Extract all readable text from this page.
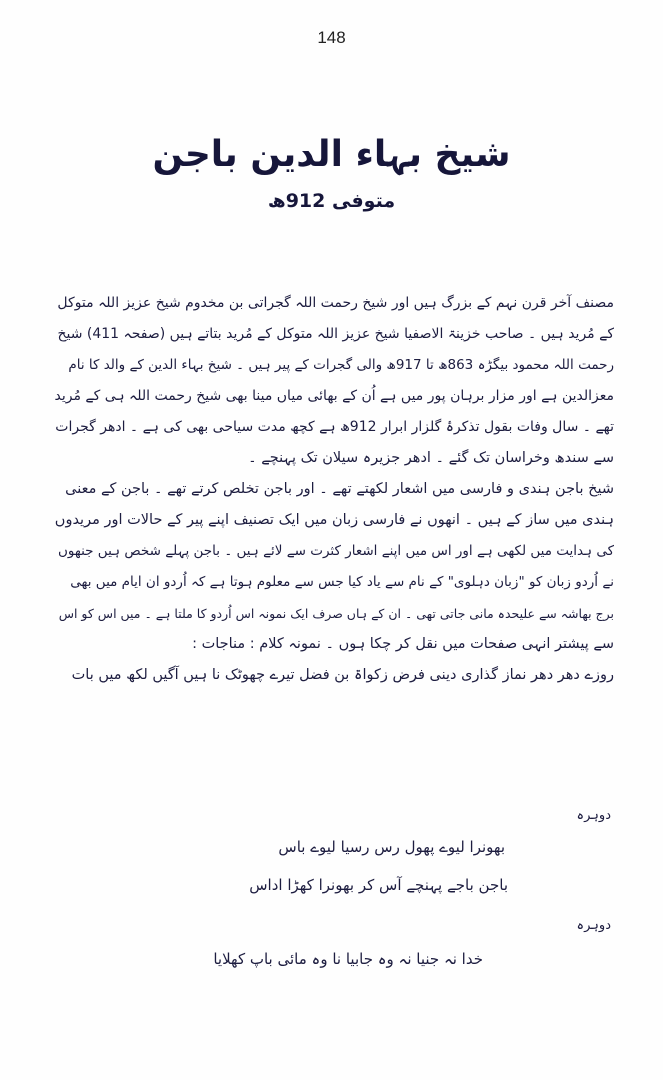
148
شیخ بہاء الدین باجن
متوفی 912ھ
مصنف آخر قرن نہم کے بزرگ ہیں اور شیخ رحمت اللہ گجراتی بن مخدوم شیخ عزیز اللہ متوکل
کے مُرید ہیں ۔ صاحب خزینۃ الاصفیا شیخ عزیز اللہ متوکل کے مُرید بتاتے ہیں (صفحہ 411) شیخ
رحمت اللہ محمود بیگڑہ 863ھ تا 917ھ والی گجرات کے پیر ہیں ۔ شیخ بہاء الدین کے والد کا نام
معزالدین ہے اور مزار برہان پور میں ہے اُن کے بھائی میاں مینا بھی شیخ رحمت اللہ ہی کے مُرید
تھے ۔ سال وفات بقول تذکرۂ گلزار ابرار 912ھ ہے کچھ مدت سیاحی بھی کی ہے ۔ ادھر گجرات
سے سندھ وخراسان تک گئے ۔ ادھر جزیرہ سیلان تک پہنچے ۔
شیخ باجن ہندی و فارسی میں اشعار لکھتے تھے ۔ اور باجن تخلص کرتے تھے ۔ باجن کے معنی
ہندی میں ساز کے ہیں ۔ انھوں نے فارسی زبان میں ایک تصنیف اپنے پیر کے حالات اور مریدوں
کی ہدایت میں لکھی ہے اور اس میں اپنے اشعار کثرت سے لائے ہیں ۔ باجن پہلے شخص ہیں جنھوں
نے اُردو زبان کو "زبان دہلوی" کے نام سے یاد کیا جس سے معلوم ہوتا ہے کہ اُردو ان ایام میں بھی
برج بھاشہ سے علیحدہ مانی جاتی تھی ۔ ان کے ہاں صرف ایک نمونہ اس اُردو کا ملتا ہے ۔ میں اس کو اس
سے پیشتر انہی صفحات میں نقل کر چکا ہوں ۔ نمونہ کلام : مناجات :
روزے دھر دھر نماز گذاری دینی فرض زکواۃ بن فضل تیرے چھوٹک نا ہیں آگیں لکھ میں بات
دوہرہ
بھونرا لیوے پھول رس رسیا لیوے باس
باجن باجے پہنچے آس کر بھونرا کھڑا اداس
دوہرہ
خدا نہ جنیا نہ وہ جابیا نا وہ مائی باپ کھلایا
